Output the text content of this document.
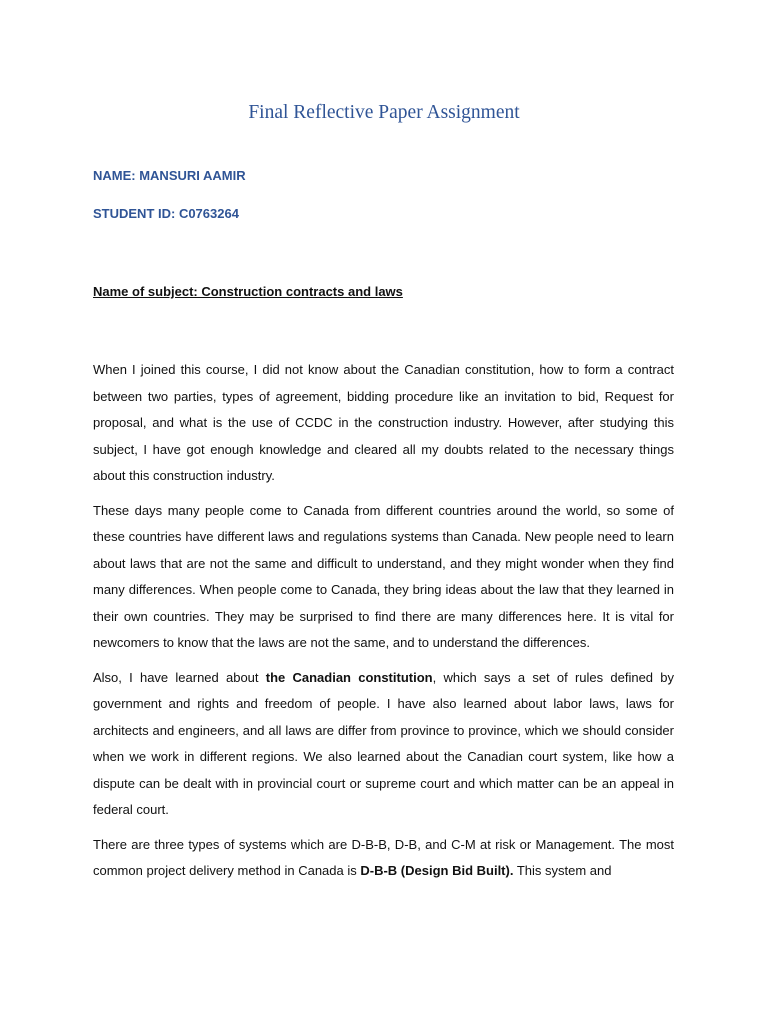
Final Reflective Paper Assignment

NAME: MANSURI AAMIR

STUDENT ID: C0763264

Name of subject: Construction contracts and laws

When I joined this course, I did not know about the Canadian constitution, how to form a contract between two parties, types of agreement, bidding procedure like an invitation to bid, Request for proposal, and what is the use of CCDC in the construction industry. However, after studying this subject, I have got enough knowledge and cleared all my doubts related to the necessary things about this construction industry.

These days many people come to Canada from different countries around the world, so some of these countries have different laws and regulations systems than Canada. New people need to learn about laws that are not the same and difficult to understand, and they might wonder when they find many differences. When people come to Canada, they bring ideas about the law that they learned in their own countries. They may be surprised to find there are many differences here. It is vital for newcomers to know that the laws are not the same, and to understand the differences.

Also, I have learned about the Canadian constitution, which says a set of rules defined by government and rights and freedom of people. I have also learned about labor laws, laws for architects and engineers, and all laws are differ from province to province, which we should consider when we work in different regions. We also learned about the Canadian court system, like how a dispute can be dealt with in provincial court or supreme court and which matter can be an appeal in federal court.

There are three types of systems which are D-B-B, D-B, and C-M at risk or Management. The most common project delivery method in Canada is D-B-B (Design Bid Built). This system and
